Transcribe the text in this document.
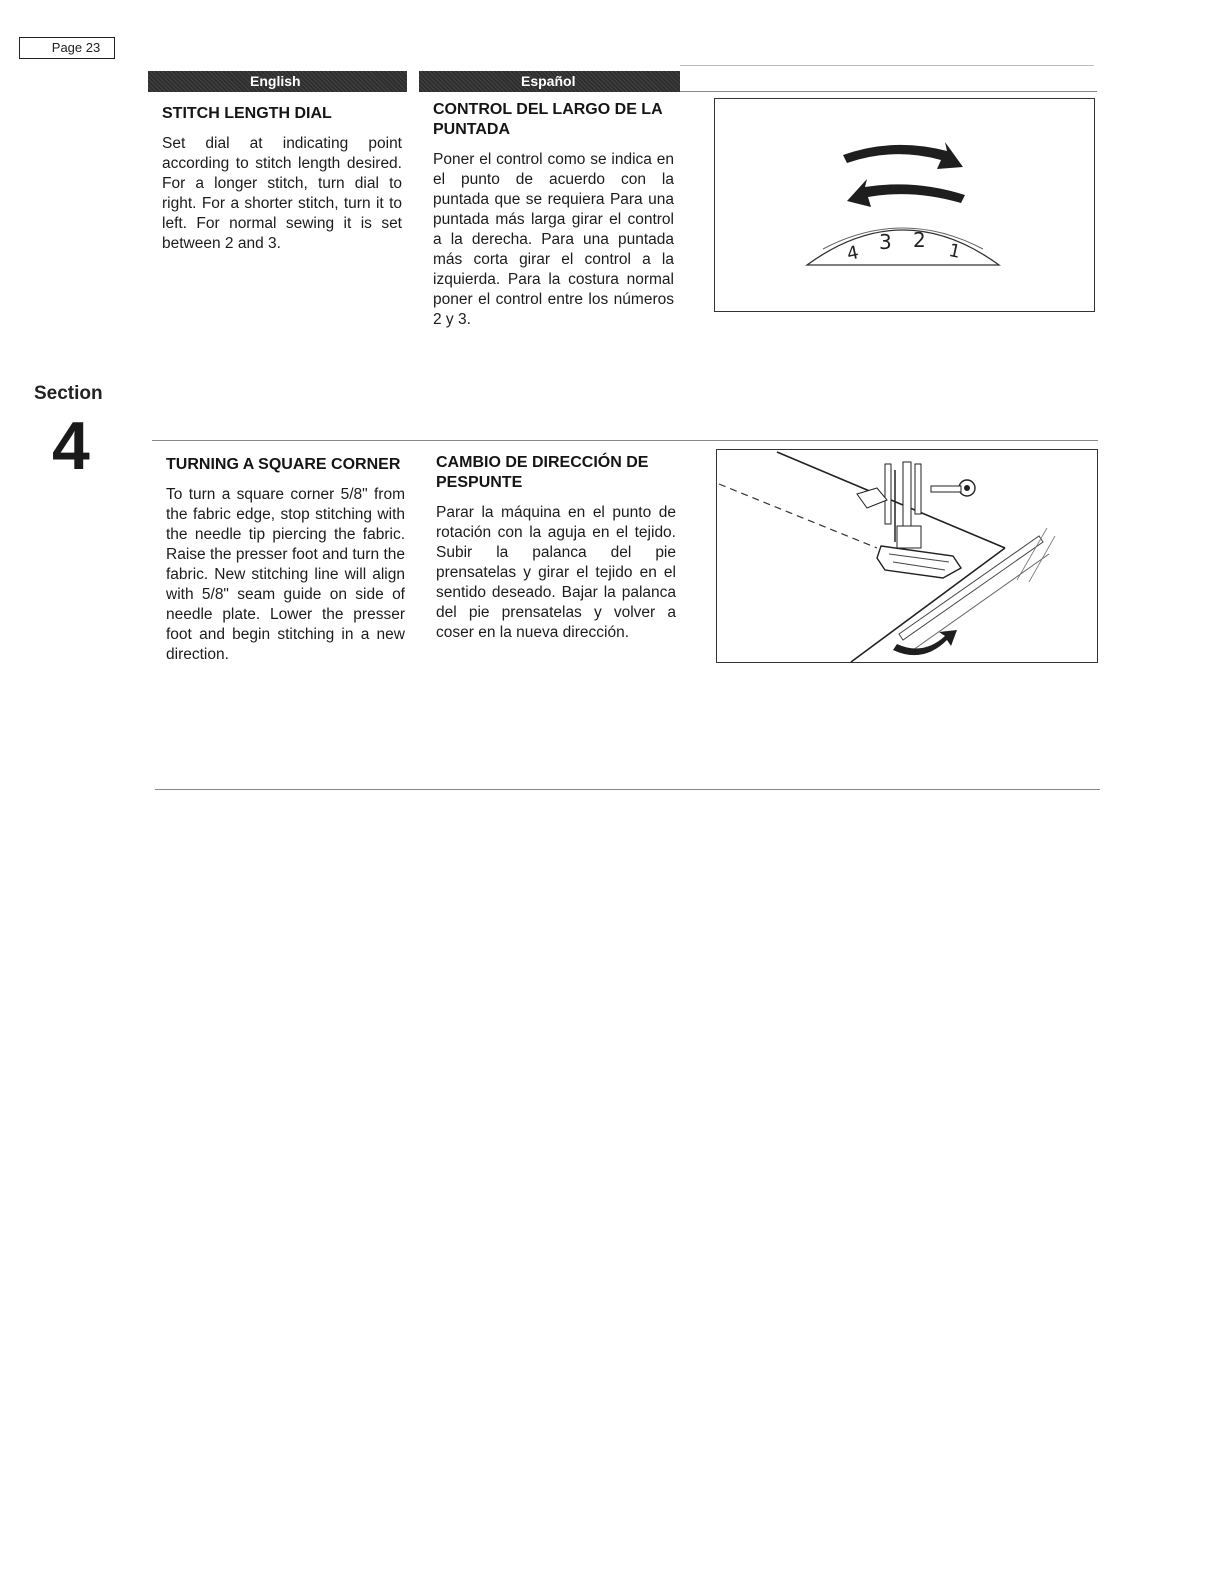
Page 23
English	Español
Section
4

STITCH LENGTH DIAL

Set dial at indicating point according to stitch length desired. For a longer stitch, turn dial to right. For a shorter stitch, turn it to left. For normal sewing it is set between 2 and 3.

CONTROL DEL LARGO DE LA PUNTADA

Poner el control como se indica en el punto de acuerdo con la puntada que se requiera Para una puntada más larga girar el control a la derecha. Para una puntada más corta girar el control a la izquierda. Para la costura normal poner el control entre los números 2 y 3.

4 3 2 1

TURNING A SQUARE CORNER

To turn a square corner 5/8" from the fabric edge, stop stitching with the needle tip piercing the fabric. Raise the presser foot and turn the fabric. New stitching line will align with 5/8" seam guide on side of needle plate. Lower the presser foot and begin stitching in a new direction.

CAMBIO DE DIRECCIÓN DE PESPUNTE

Parar la máquina en el punto de rotación con la aguja en el tejido. Subir la palanca del pie prensatelas y girar el tejido en el sentido deseado. Bajar la palanca del pie prensatelas y volver a coser en la nueva dirección.
